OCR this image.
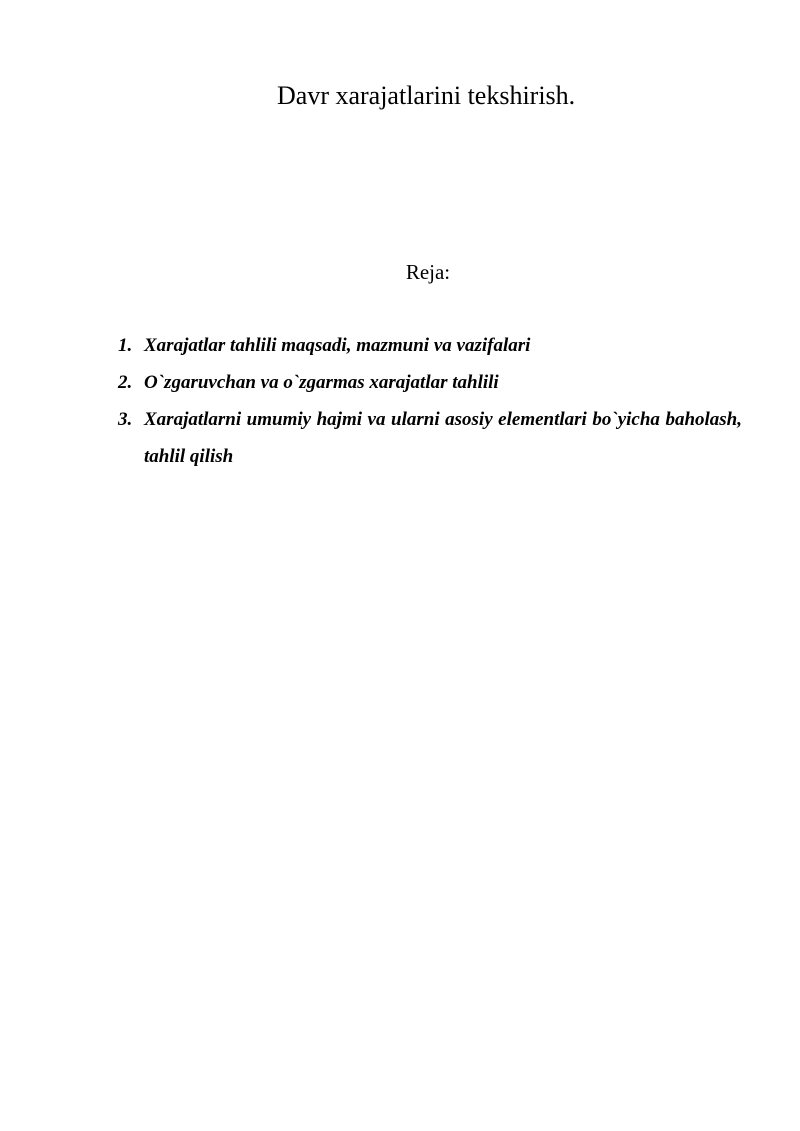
Davr xarajatlarini tekshirish.
Reja:
1. Xarajatlar tahlili maqsadi, mazmuni va vazifalari
2. O`zgaruvchan va o`zgarmas xarajatlar tahlili
3. Xarajatlarni umumiy hajmi va ularni asosiy elementlari bo`yicha baholash, tahlil qilish
